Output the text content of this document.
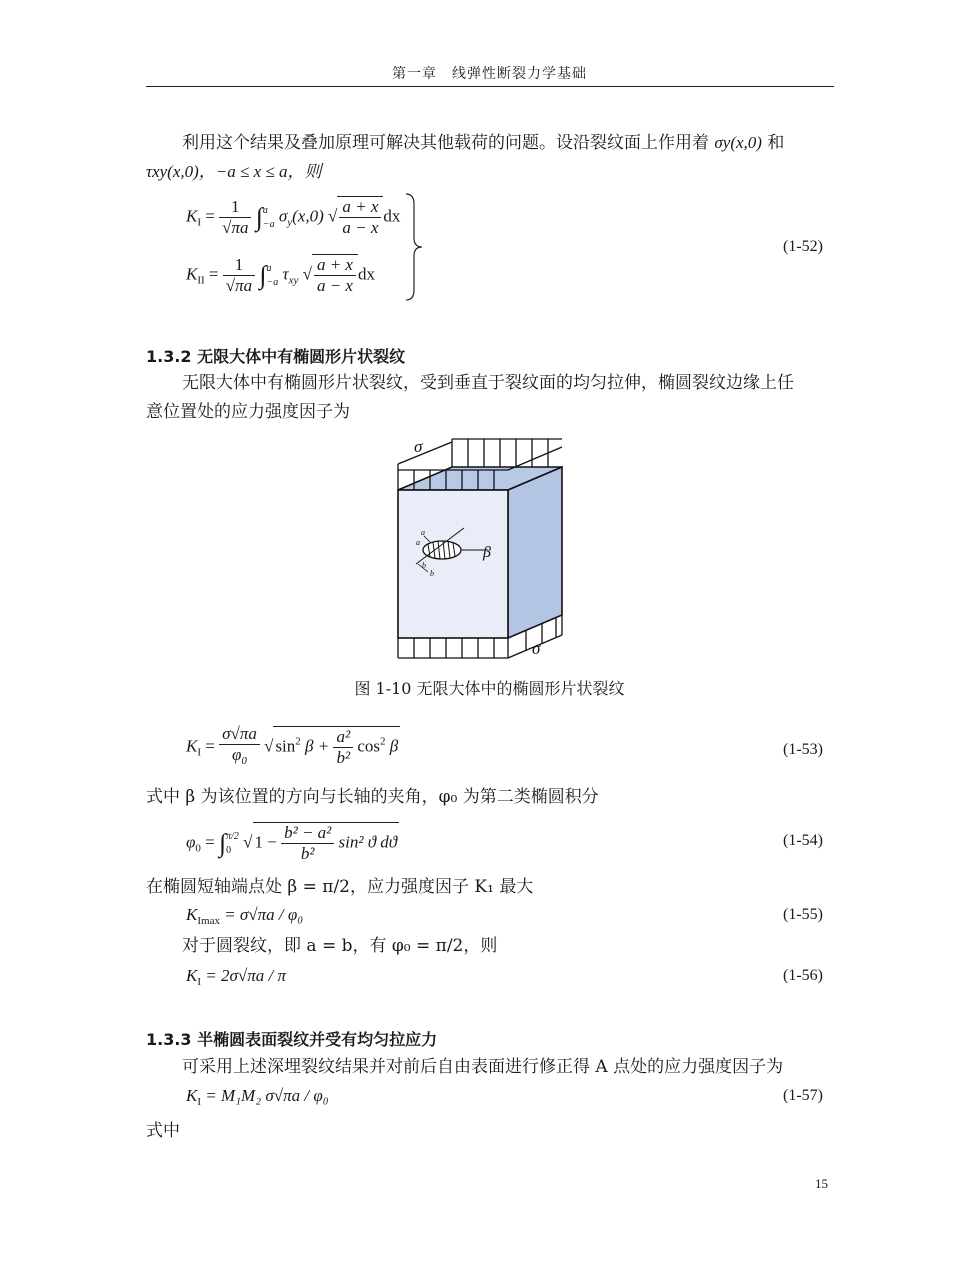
第一章　线弹性断裂力学基础
利用这个结果及叠加原理可解决其他载荷的问题。设沿裂纹面上作用着 σy(x,0) 和
τxy(x,0)，−a ≤ x ≤ a，则
$K_I = \frac{1}{√\pi a}$ ∫ a
−a $\sigma_y(x,0)$ √ $\frac{a + x}{a - x}$ dx
$K_{II} = \frac{1}{√\pi a}$ ∫ a
−a $\tau_{xy}$ √ $\frac{a + x}{a - x}$ dx
(1-52)
1.3.2 无限大体中有椭圆形片状裂纹
无限大体中有椭圆形片状裂纹，受到垂直于裂纹面的均匀拉伸，椭圆裂纹边缘上任
意位置处的应力强度因子为
σ
σ
β
a
a
b
b
图 1-10 无限大体中的椭圆形片状裂纹
$K_I = \frac{\sigma√\pi a}{\varphi_0}$ √ $\sin^2 \beta + \frac{\text{a²}}{\text{b²}} \cos^2 \beta$	(1-53)
式中 β 为该位置的方向与长轴的夹角，φ₀ 为第二类椭圆积分
$\varphi_0$ = ∫ π/2
0 √ $1 - \frac{\text{b² − a²}}{\text{b²}} \sin^2$ ϑ dϑ	(1-54)
在椭圆短轴端点处 β = π/2，应力强度因子 K₁ 最大
$K_{Imax} = \sigma√\pi a / \varphi_0$	(1-55)
对于圆裂纹，即 a = b，有 φ₀ = π/2，则
$K_I = 2\sigma√\pi a / \pi$	(1-56)
1.3.3 半椭圆表面裂纹并受有均匀拉应力
可采用上述深埋裂纹结果并对前后自由表面进行修正得 A 点处的应力强度因子为
$K_I = M_1M_2$ σ√πa / φ₀	(1-57)
式中
15
